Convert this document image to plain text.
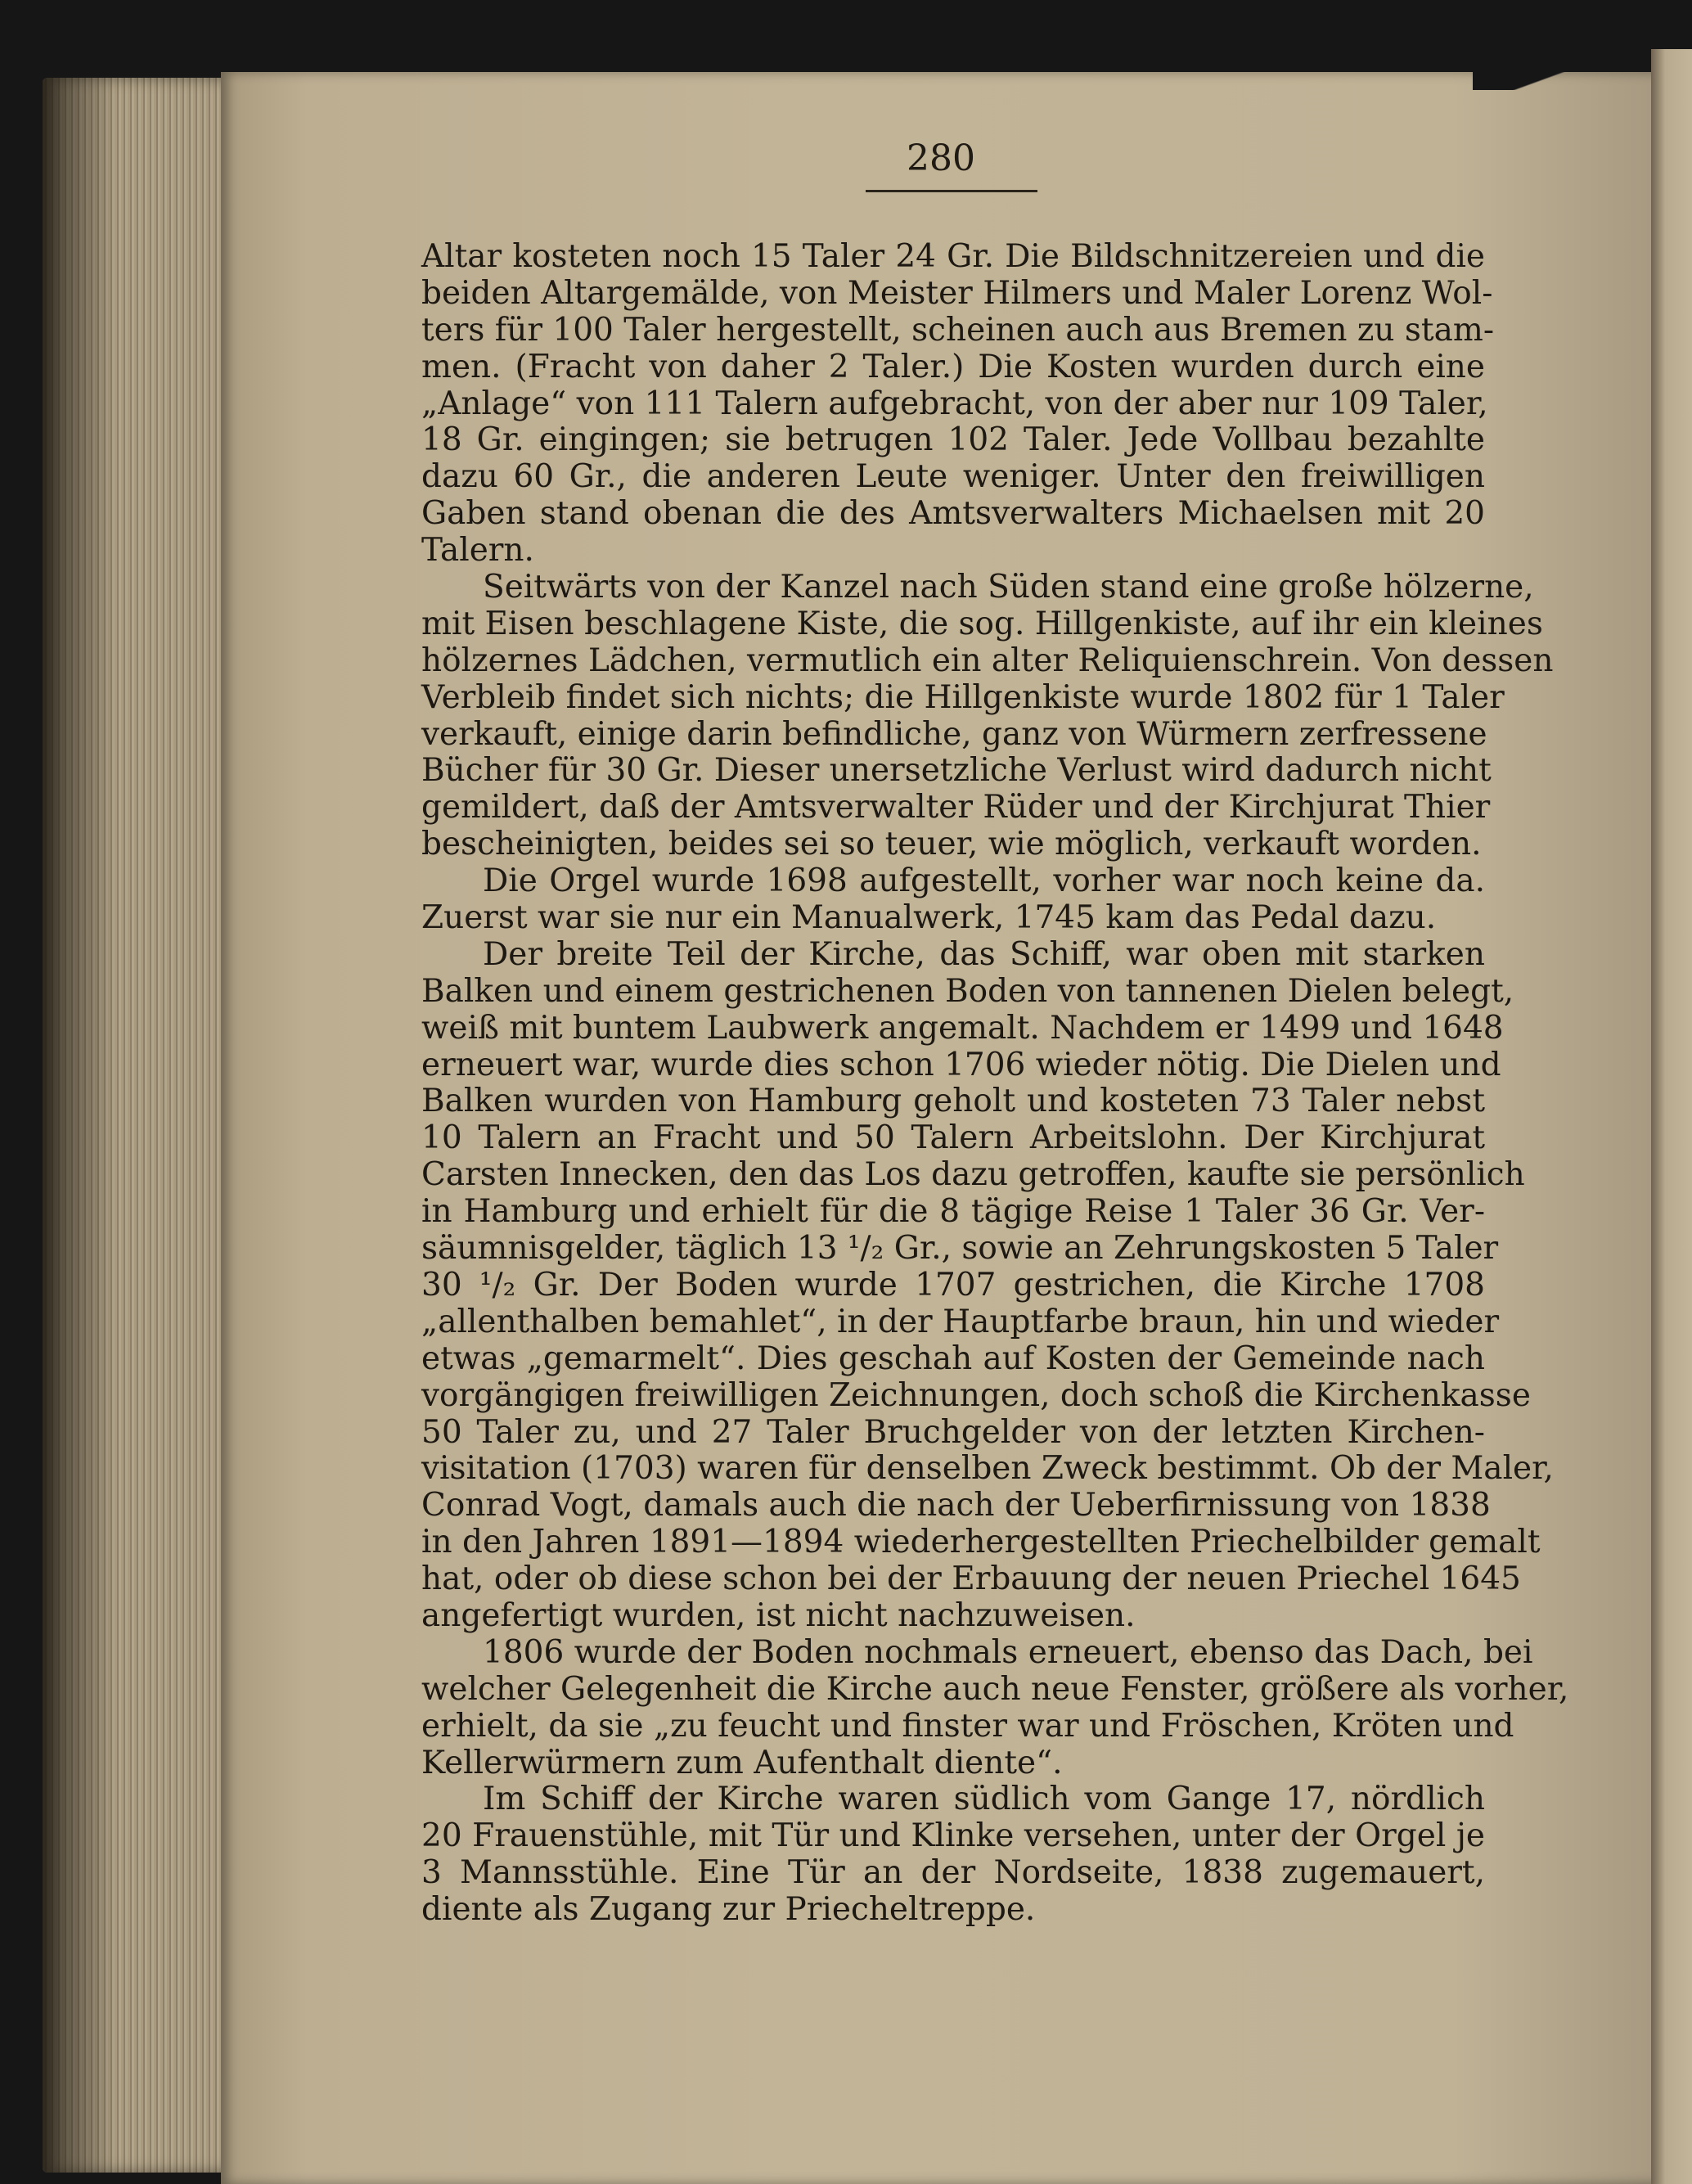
280
Altar kosteten noch 15 Taler 24 Gr. Die Bildschnitzereien und die
beiden Altargemälde, von Meister Hilmers und Maler Lorenz Wol-
ters für 100 Taler hergestellt, scheinen auch aus Bremen zu stam-
men. (Fracht von daher 2 Taler.) Die Kosten wurden durch eine
„Anlage“ von 111 Talern aufgebracht, von der aber nur 109 Taler,
18 Gr. eingingen; sie betrugen 102 Taler. Jede Vollbau bezahlte
dazu 60 Gr., die anderen Leute weniger. Unter den freiwilligen
Gaben stand obenan die des Amtsverwalters Michaelsen mit 20
Talern.
Seitwärts von der Kanzel nach Süden stand eine große hölzerne,
mit Eisen beschlagene Kiste, die sog. Hillgenkiste, auf ihr ein kleines
hölzernes Lädchen, vermutlich ein alter Reliquienschrein. Von dessen
Verbleib findet sich nichts; die Hillgenkiste wurde 1802 für 1 Taler
verkauft, einige darin befindliche, ganz von Würmern zerfressene
Bücher für 30 Gr. Dieser unersetzliche Verlust wird dadurch nicht
gemildert, daß der Amtsverwalter Rüder und der Kirchjurat Thier
bescheinigten, beides sei so teuer, wie möglich, verkauft worden.
Die Orgel wurde 1698 aufgestellt, vorher war noch keine da.
Zuerst war sie nur ein Manualwerk, 1745 kam das Pedal dazu.
Der breite Teil der Kirche, das Schiff, war oben mit starken
Balken und einem gestrichenen Boden von tannenen Dielen belegt,
weiß mit buntem Laubwerk angemalt. Nachdem er 1499 und 1648
erneuert war, wurde dies schon 1706 wieder nötig. Die Dielen und
Balken wurden von Hamburg geholt und kosteten 73 Taler nebst
10 Talern an Fracht und 50 Talern Arbeitslohn. Der Kirchjurat
Carsten Innecken, den das Los dazu getroffen, kaufte sie persönlich
in Hamburg und erhielt für die 8 tägige Reise 1 Taler 36 Gr. Ver-
säumnisgelder, täglich 13 ¹/₂ Gr., sowie an Zehrungskosten 5 Taler
30 ¹/₂ Gr. Der Boden wurde 1707 gestrichen, die Kirche 1708
„allenthalben bemahlet“, in der Hauptfarbe braun, hin und wieder
etwas „gemarmelt“. Dies geschah auf Kosten der Gemeinde nach
vorgängigen freiwilligen Zeichnungen, doch schoß die Kirchenkasse
50 Taler zu, und 27 Taler Bruchgelder von der letzten Kirchen-
visitation (1703) waren für denselben Zweck bestimmt. Ob der Maler,
Conrad Vogt, damals auch die nach der Ueberfirnissung von 1838
in den Jahren 1891—1894 wiederhergestellten Priechelbilder gemalt
hat, oder ob diese schon bei der Erbauung der neuen Priechel 1645
angefertigt wurden, ist nicht nachzuweisen.
1806 wurde der Boden nochmals erneuert, ebenso das Dach, bei
welcher Gelegenheit die Kirche auch neue Fenster, größere als vorher,
erhielt, da sie „zu feucht und finster war und Fröschen, Kröten und
Kellerwürmern zum Aufenthalt diente“.
Im Schiff der Kirche waren südlich vom Gange 17, nördlich
20 Frauenstühle, mit Tür und Klinke versehen, unter der Orgel je
3 Mannsstühle. Eine Tür an der Nordseite, 1838 zugemauert,
diente als Zugang zur Priecheltreppe.
